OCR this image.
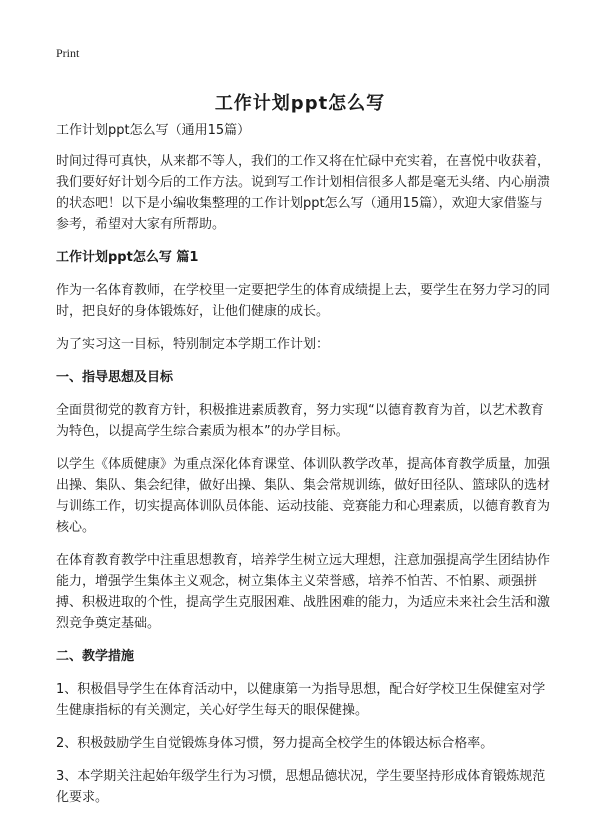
Print
工作计划ppt怎么写

工作计划ppt怎么写（通用15篇）

时间过得可真快，从来都不等人，我们的工作又将在忙碌中充实着，在喜悦中收获着，我们要好好计划今后的工作方法。说到写工作计划相信很多人都是毫无头绪、内心崩溃的状态吧！以下是小编收集整理的工作计划ppt怎么写（通用15篇），欢迎大家借鉴与参考，希望对大家有所帮助。

工作计划ppt怎么写 篇1

作为一名体育教师，在学校里一定要把学生的体育成绩提上去，要学生在努力学习的同时，把良好的身体锻炼好，让他们健康的成长。

为了实习这一目标，特别制定本学期工作计划：

一、指导思想及目标

全面贯彻党的教育方针，积极推进素质教育，努力实现“以德育教育为首，以艺术教育为特色，以提高学生综合素质为根本”的办学目标。

以学生《体质健康》为重点深化体育课堂、体训队教学改革，提高体育教学质量，加强出操、集队、集会纪律，做好出操、集队、集会常规训练，做好田径队、篮球队的选材与训练工作，切实提高体训队员体能、运动技能、竞赛能力和心理素质，以德育教育为核心。

在体育教育教学中注重思想教育，培养学生树立远大理想，注意加强提高学生团结协作能力，增强学生集体主义观念，树立集体主义荣誉感，培养不怕苦、不怕累、顽强拼搏、积极进取的个性，提高学生克服困难、战胜困难的能力，为适应未来社会生活和激烈竞争奠定基础。

二、教学措施

1、积极倡导学生在体育活动中，以健康第一为指导思想，配合好学校卫生保健室对学生健康指标的有关测定，关心好学生每天的眼保健操。

2、积极鼓励学生自觉锻炼身体习惯，努力提高全校学生的体锻达标合格率。

3、本学期关注起始年级学生行为习惯，思想品德状况，学生要坚持形成体育锻炼规范化要求。
